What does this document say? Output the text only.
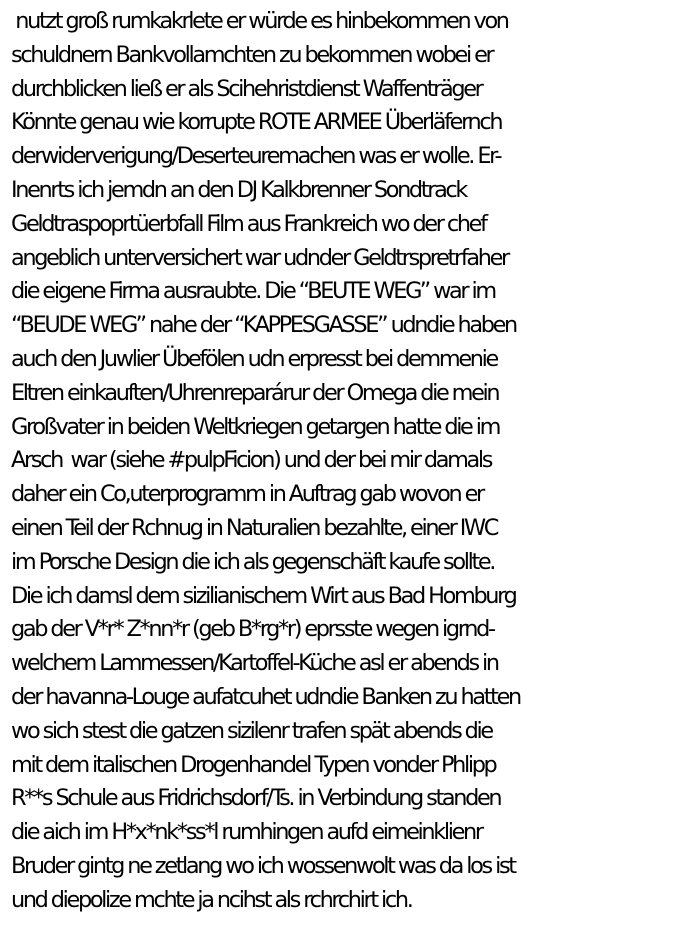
nutzt groß rumkakrlete er würde es hinbekommen von
schuldnern Bankvollamchten zu bekommen wobei er
durchblicken ließ er als Scihehristdienst Waffenträger
Könnte genau wie korrupte ROTE ARMEE Überläfernch
derwiderverigung/Deserteuremachen was er wolle. Er-
Inenrts ich jemdn an den DJ Kalkbrenner Sondtrack
Geldtraspoprtüerbfall Film aus Frankreich wo der chef
angeblich unterversichert war udnder Geldtrspretrfaher
die eigene Firma ausraubte. Die “BEUTE WEG” war im
“BEUDE WEG” nahe der “KAPPESGASSE” udndie haben
auch den Juwlier Übefölen udn erpresst bei demmenie
Eltren einkauften/Uhrenreparárur der Omega die mein
Großvater in beiden Weltkriegen getargen hatte die im
Arsch  war (siehe #pulpFicion) und der bei mir damals
daher ein Co,uterprogramm in Auftrag gab wovon er
einen Teil der Rchnug in Naturalien bezahlte, einer IWC
im Porsche Design die ich als gegenschäft kaufe sollte.
Die ich damsl dem sizilianischem Wirt aus Bad Homburg
gab der V*r* Z*nn*r (geb B*rg*r) eprsste wegen igrnd-
welchem Lammessen/Kartoffel-Küche asl er abends in
der havanna-Louge aufatcuhet udndie Banken zu hatten
wo sich stest die gatzen sizilenr trafen spät abends die
mit dem italischen Drogenhandel Typen vonder Phlipp
R**s Schule aus Fridrichsdorf/Ts. in Verbindung standen
die aich im H*x*nk*ss*l rumhingen aufd eimeinklienr
Bruder gintg ne zetlang wo ich wossenwolt was da los ist
und diepolize mchte ja ncihst als rchrchirt ich.
